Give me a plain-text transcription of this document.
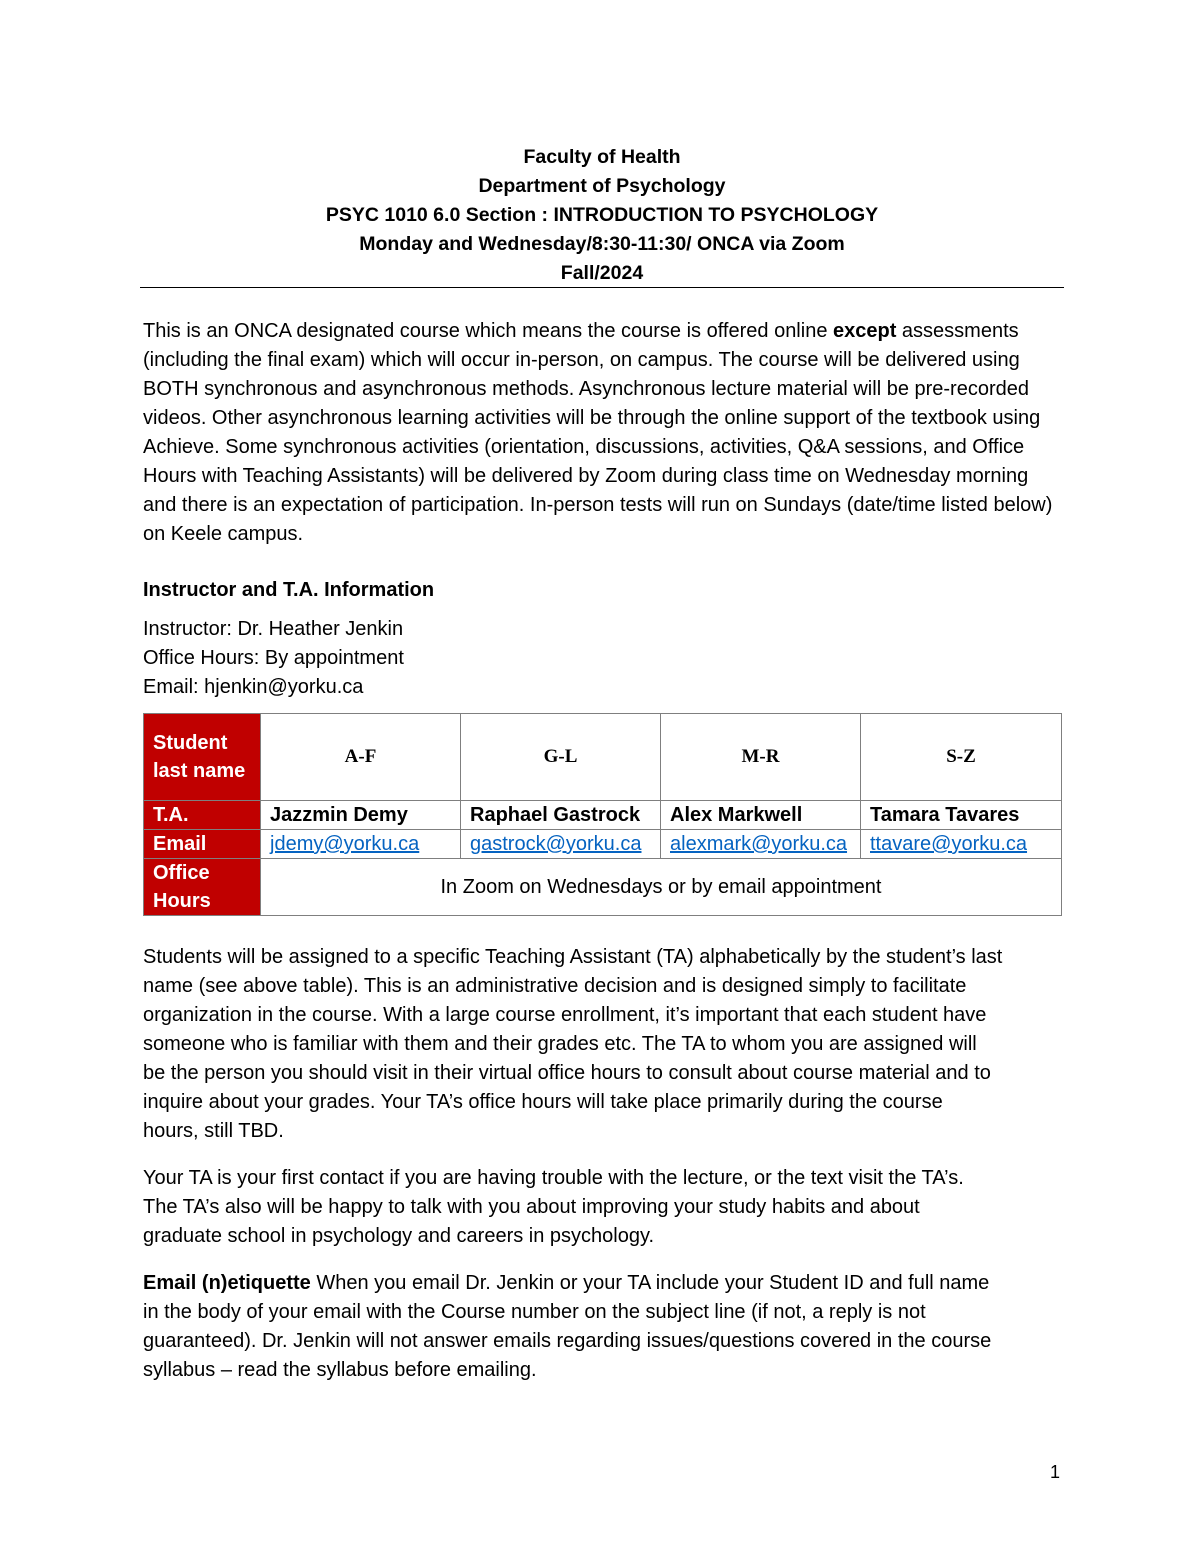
Faculty of Health
Department of Psychology
PSYC 1010 6.0 Section : INTRODUCTION TO PSYCHOLOGY
Monday and Wednesday/8:30-11:30/ ONCA via Zoom
Fall/2024

This is an ONCA designated course which means the course is offered online except assessments (including the final exam) which will occur in-person, on campus. The course will be delivered using BOTH synchronous and asynchronous methods. Asynchronous lecture material will be pre-recorded videos. Other asynchronous learning activities will be through the online support of the textbook using Achieve. Some synchronous activities (orientation, discussions, activities, Q&A sessions, and Office Hours with Teaching Assistants) will be delivered by Zoom during class time on Wednesday morning and there is an expectation of participation. In-person tests will run on Sundays (date/time listed below) on Keele campus.

Instructor and T.A. Information
Instructor: Dr. Heather Jenkin
Office Hours: By appointment
Email: hjenkin@yorku.ca
Student last name	A-F	G-L	M-R	S-Z
T.A.	Jazzmin Demy	Raphael Gastrock	Alex Markwell	Tamara Tavares
Email	jdemy@yorku.ca	gastrock@yorku.ca	alexmark@yorku.ca	ttavare@yorku.ca
Office Hours	In Zoom on Wednesdays or by email appointment			

Students will be assigned to a specific Teaching Assistant (TA) alphabetically by the student’s last name (see above table). This is an administrative decision and is designed simply to facilitate organization in the course. With a large course enrollment, it’s important that each student have someone who is familiar with them and their grades etc. The TA to whom you are assigned will be the person you should visit in their virtual office hours to consult about course material and to inquire about your grades. Your TA’s office hours will take place primarily during the course hours, still TBD.

Your TA is your first contact if you are having trouble with the lecture, or the text visit the TA’s. The TA’s also will be happy to talk with you about improving your study habits and about graduate school in psychology and careers in psychology.

Email (n)etiquette When you email Dr. Jenkin or your TA include your Student ID and full name in the body of your email with the Course number on the subject line (if not, a reply is not guaranteed). Dr. Jenkin will not answer emails regarding issues/questions covered in the course syllabus – read the syllabus before emailing.

1
